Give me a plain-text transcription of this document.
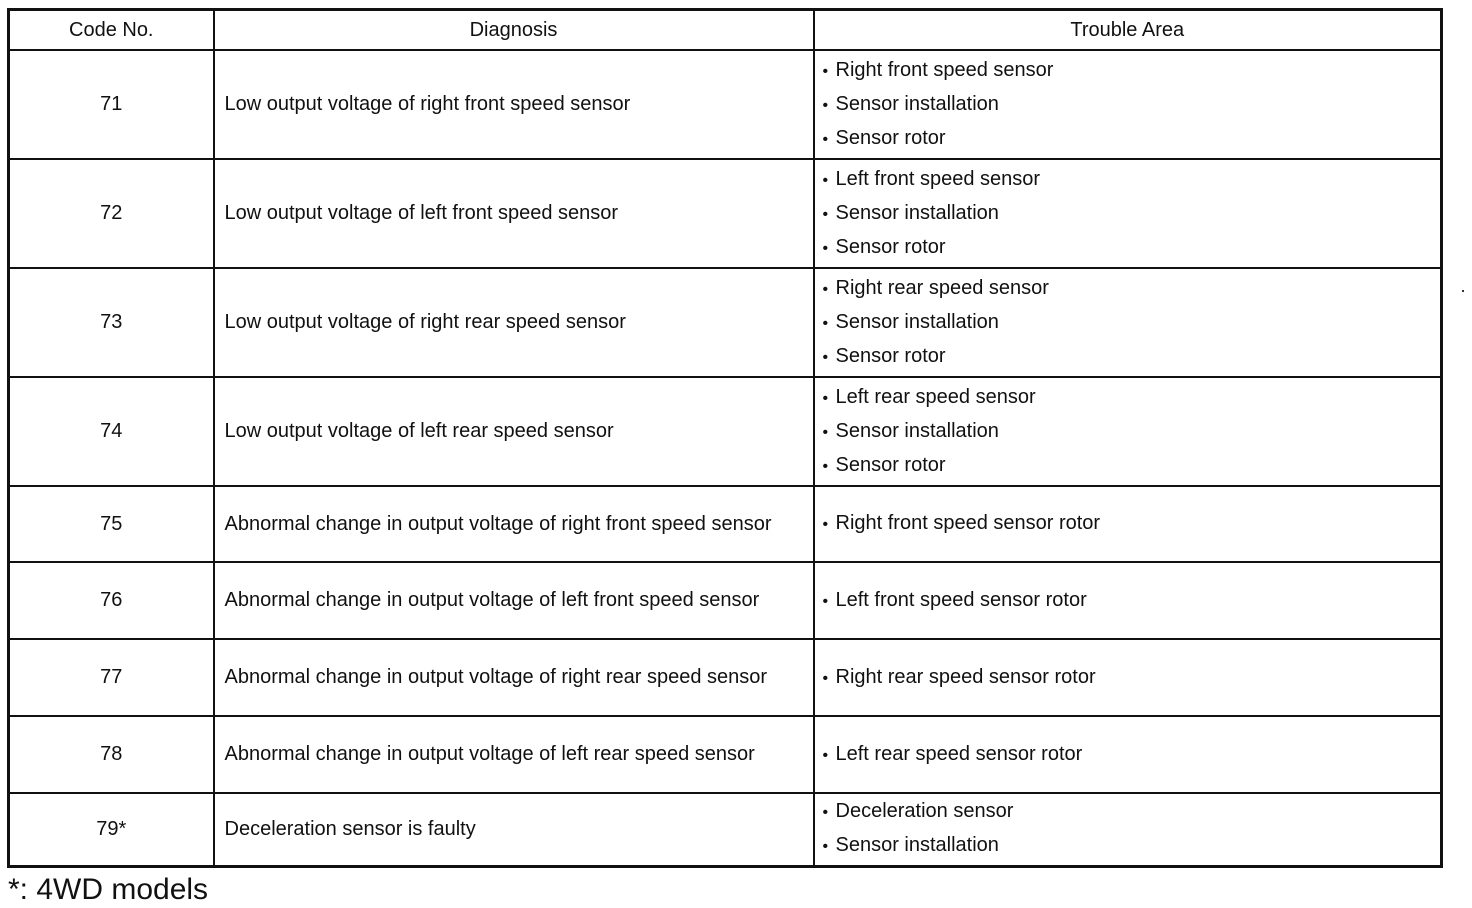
Code No.	Diagnosis	Trouble Area
71	Low output voltage of right front speed sensor	• Right front speed sensor
• Sensor installation
• Sensor rotor

72	Low output voltage of left front speed sensor	• Left front speed sensor
• Sensor installation
• Sensor rotor

73	Low output voltage of right rear speed sensor	• Right rear speed sensor
• Sensor installation
• Sensor rotor

74	Low output voltage of left rear speed sensor	• Left rear speed sensor
• Sensor installation
• Sensor rotor

75	Abnormal change in output voltage of right front speed sensor	• Right front speed sensor rotor

76	Abnormal change in output voltage of left front speed sensor	• Left front speed sensor rotor

77	Abnormal change in output voltage of right rear speed sensor	• Right rear speed sensor rotor

78	Abnormal change in output voltage of left rear speed sensor	• Left rear speed sensor rotor

79*	Deceleration sensor is faulty	• Deceleration sensor
• Sensor installation
*: 4WD models
